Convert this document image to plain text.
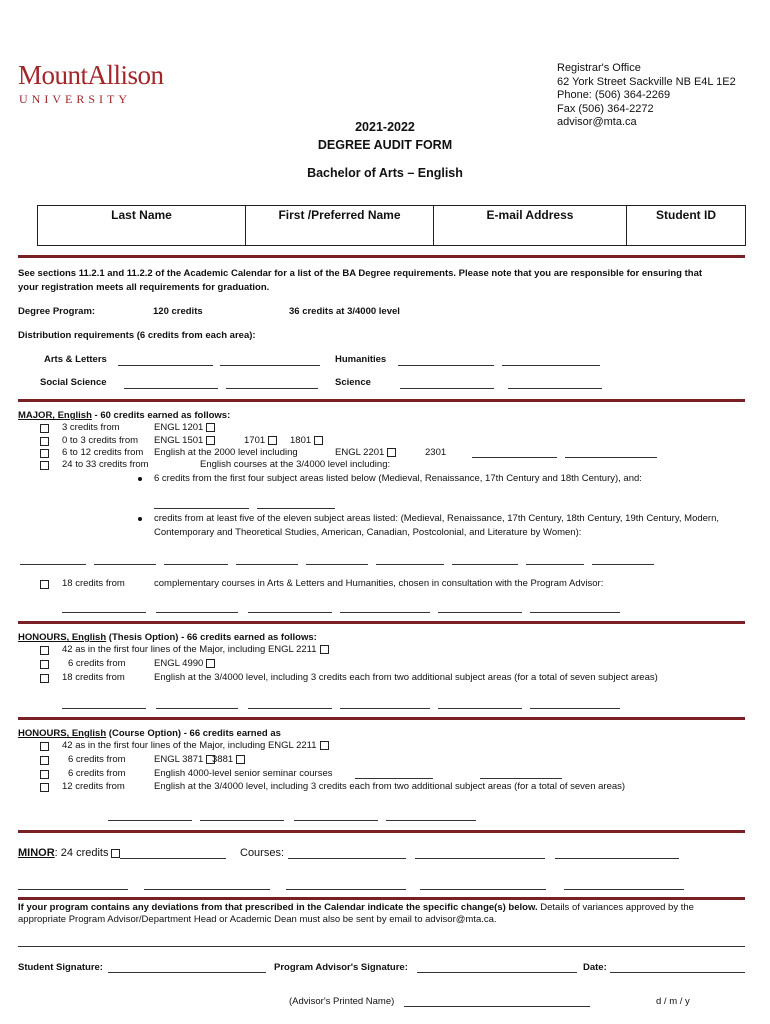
MountAllison
UNIVERSITY
Registrar's Office
62 York Street Sackville NB E4L 1E2
Phone: (506) 364-2269
Fax (506) 364-2272
advisor@mta.ca
2021-2022
DEGREE AUDIT FORM
Bachelor of Arts – English
Last Name	First /Preferred Name	E-mail Address	Student ID
See sections 11.2.1 and 11.2.2 of the Academic Calendar for a list of the BA Degree requirements. Please note that you are responsible for ensuring that
your registration meets all requirements for graduation.
Degree Program:	120 credits	36 credits at 3/4000 level
Distribution requirements (6 credits from each area):
Arts & Letters	Humanities
Social Science	Science
MAJOR, English - 60 credits earned as follows:
3 credits from	ENGL 1201
0 to 3 credits from ENGL 1501	1701	1801
6 to 12 credits from English at the 2000 level including	ENGL 2201	2301
24 to 33 credits from	English courses at the 3/4000 level including:
6 credits from the first four subject areas listed below (Medieval, Renaissance, 17th Century and 18th Century), and:
credits from at least five of the eleven subject areas listed: (Medieval, Renaissance, 17th Century, 18th Century, 19th Century, Modern,
Contemporary and Theoretical Studies, American, Canadian, Postcolonial, and Literature by Women):
18 credits from	complementary courses in Arts & Letters and Humanities, chosen in consultation with the Program Advisor:
HONOURS, English (Thesis Option) - 66 credits earned as follows:
42 as in the first four lines of the Major, including ENGL 2211
6 credits from	ENGL 4990
18 credits from	English at the 3/4000 level, including 3 credits each from two additional subject areas (for a total of seven subject areas)
HONOURS, English (Course Option) - 66 credits earned as
42 as in the first four lines of the Major, including ENGL 2211
6 credits from	ENGL 3871 3881
6 credits from	English 4000-level senior seminar courses
12 credits from	English at the 3/4000 level, including 3 credits each from two additional subject areas (for a total of seven areas)
MINOR: 24 credits	Courses:
If your program contains any deviations from that prescribed in the Calendar indicate the specific change(s) below. Details of variances approved by the
appropriate Program Advisor/Department Head or Academic Dean must also be sent by email to advisor@mta.ca.
Student Signature:	Program Advisor's Signature:	Date:
(Advisor's Printed Name)	d / m / y
